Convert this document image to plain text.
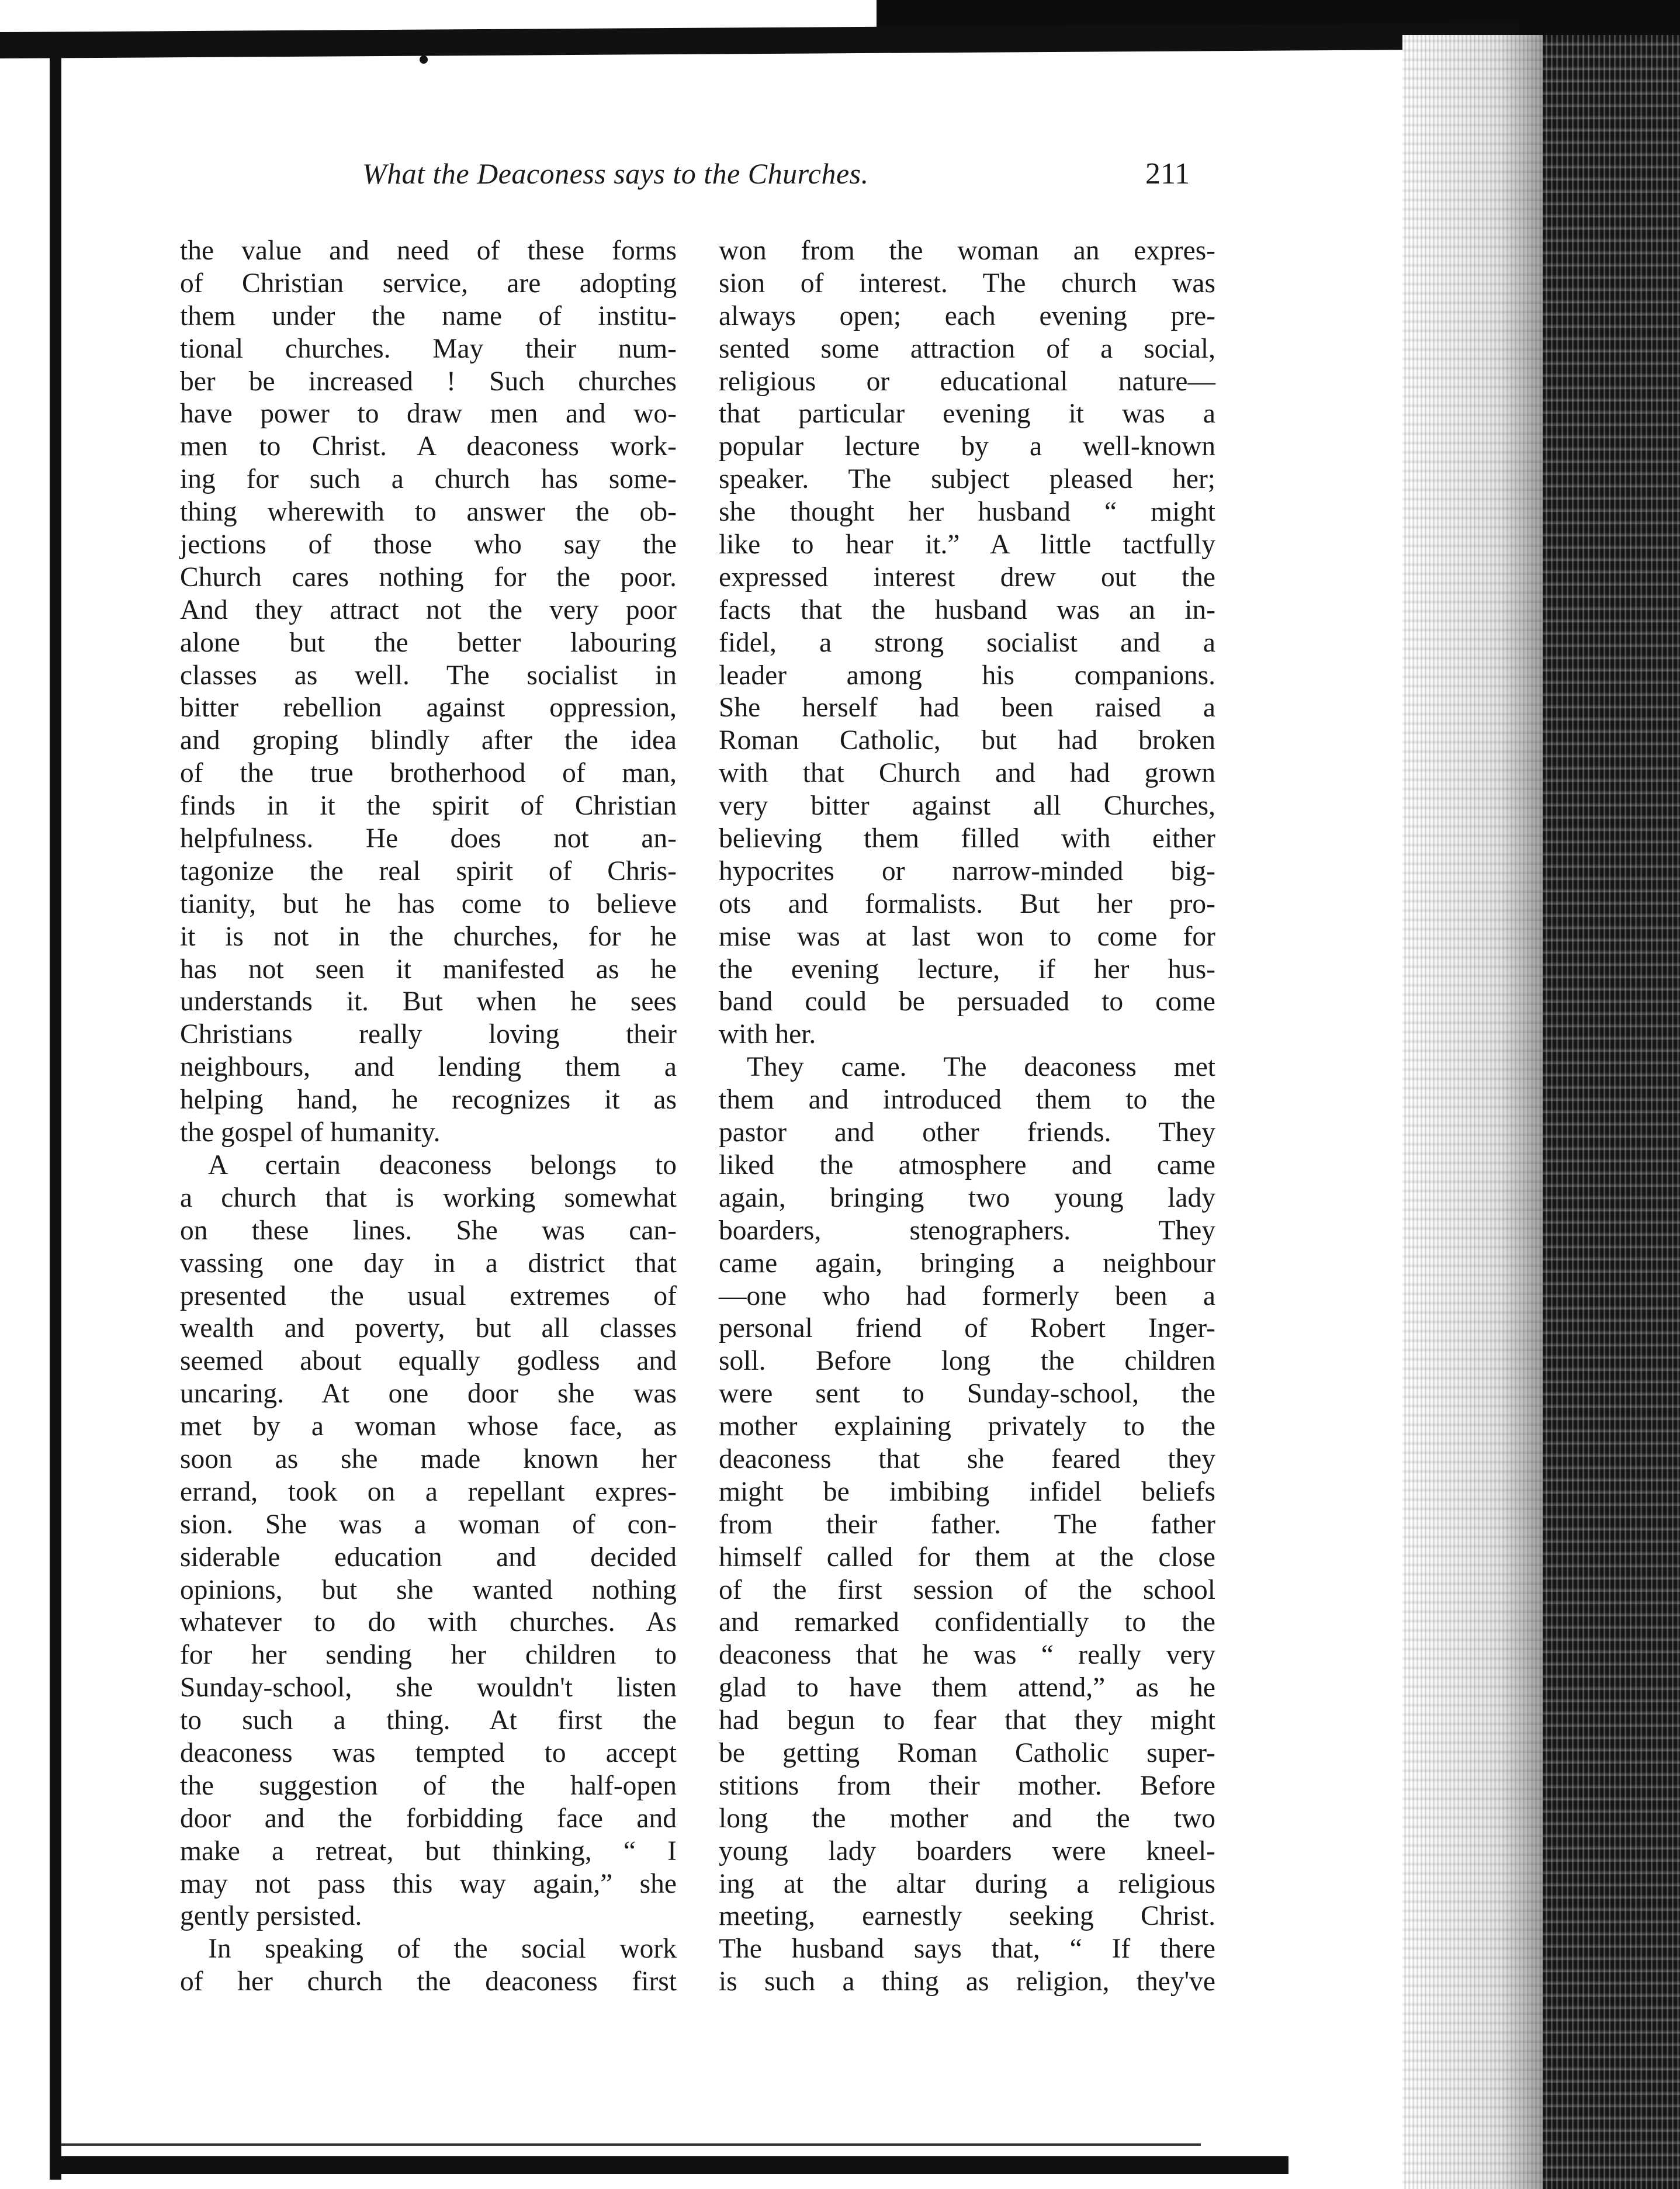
What the Deaconess says to the Churches.	211
the value and need of these forms
of Christian service, are adopting
them under the name of institu-
tional churches. May their num-
ber be increased ! Such churches
have power to draw men and wo-
men to Christ. A deaconess work-
ing for such a church has some-
thing wherewith to answer the ob-
jections of those who say the
Church cares nothing for the poor.
And they attract not the very poor
alone but the better labouring
classes as well. The socialist in
bitter rebellion against oppression,
and groping blindly after the idea
of the true brotherhood of man,
finds in it the spirit of Christian
helpfulness. He does not an-
tagonize the real spirit of Chris-
tianity, but he has come to believe
it is not in the churches, for he
has not seen it manifested as he
understands it. But when he sees
Christians really loving their
neighbours, and lending them a
helping hand, he recognizes it as
the gospel of humanity.
A certain deaconess belongs to
a church that is working somewhat
on these lines. She was can-
vassing one day in a district that
presented the usual extremes of
wealth and poverty, but all classes
seemed about equally godless and
uncaring. At one door she was
met by a woman whose face, as
soon as she made known her
errand, took on a repellant expres-
sion. She was a woman of con-
siderable education and decided
opinions, but she wanted nothing
whatever to do with churches. As
for her sending her children to
Sunday-school, she wouldn't listen
to such a thing. At first the
deaconess was tempted to accept
the suggestion of the half-open
door and the forbidding face and
make a retreat, but thinking, “ I
may not pass this way again,” she
gently persisted.
In speaking of the social work
of her church the deaconess first
won from the woman an expres-
sion of interest. The church was
always open; each evening pre-
sented some attraction of a social,
religious or educational nature—
that particular evening it was a
popular lecture by a well-known
speaker. The subject pleased her;
she thought her husband “ might
like to hear it.” A little tactfully
expressed interest drew out the
facts that the husband was an in-
fidel, a strong socialist and a
leader among his companions.
She herself had been raised a
Roman Catholic, but had broken
with that Church and had grown
very bitter against all Churches,
believing them filled with either
hypocrites or narrow-minded big-
ots and formalists. But her pro-
mise was at last won to come for
the evening lecture, if her hus-
band could be persuaded to come
with her.
They came. The deaconess met
them and introduced them to the
pastor and other friends. They
liked the atmosphere and came
again, bringing two young lady
boarders, stenographers. They
came again, bringing a neighbour
—one who had formerly been a
personal friend of Robert Inger-
soll. Before long the children
were sent to Sunday-school, the
mother explaining privately to the
deaconess that she feared they
might be imbibing infidel beliefs
from their father. The father
himself called for them at the close
of the first session of the school
and remarked confidentially to the
deaconess that he was “ really very
glad to have them attend,” as he
had begun to fear that they might
be getting Roman Catholic super-
stitions from their mother. Before
long the mother and the two
young lady boarders were kneel-
ing at the altar during a religious
meeting, earnestly seeking Christ.
The husband says that, “ If there
is such a thing as religion, they've
